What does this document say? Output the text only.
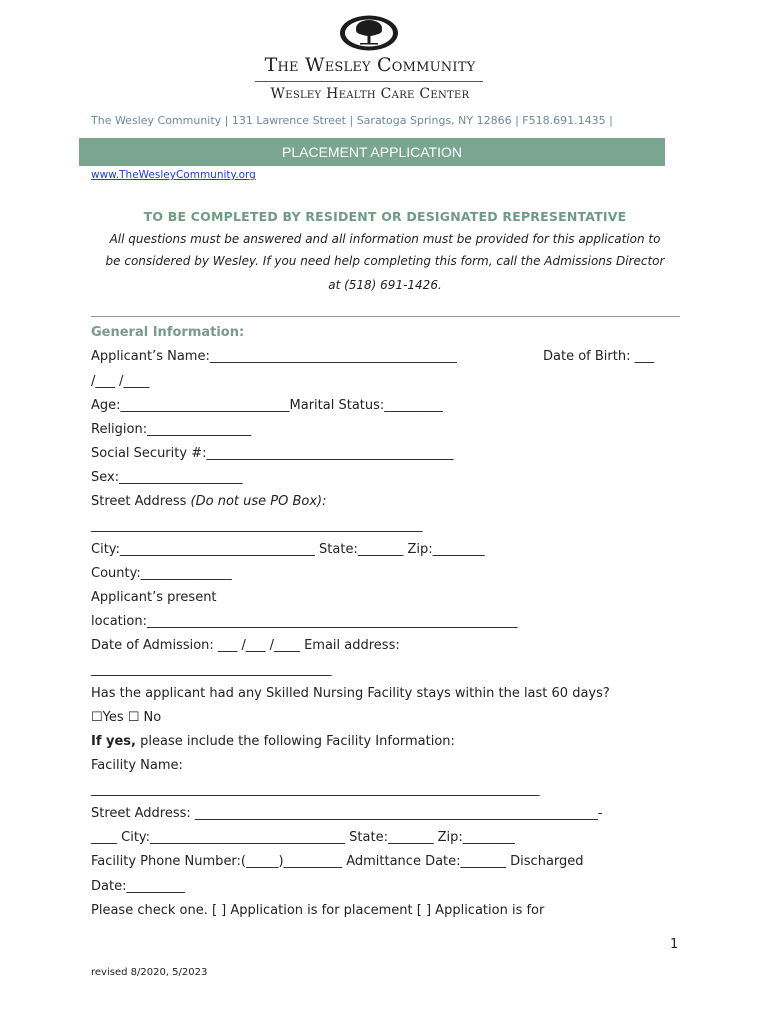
The Wesley Community
Wesley Health Care Center
The Wesley Community | 131 Lawrence Street | Saratoga Springs, NY 12866 | F518.691.1435 |
PLACEMENT APPLICATION
www.TheWesleyCommunity.org
TO BE COMPLETED BY RESIDENT OR DESIGNATED REPRESENTATIVE
All questions must be answered and all information must be provided for this application to
be considered by Wesley. If you need help completing this form, call the Admissions Director
at (518) 691-1426.
General Information:
Applicant’s Name:______________________________________	Date of Birth: ___
/___ /____
Age:__________________________Marital Status:_________
Religion:________________
Social Security #:______________________________________
Sex:___________________
Street Address (Do not use PO Box):
___________________________________________________
City:______________________________ State:_______ Zip:________
County:______________
Applicant’s present
location:_________________________________________________________
Date of Admission: ___ /___ /____ Email address:
_____________________________________
Has the applicant had any Skilled Nursing Facility stays within the last 60 days?
☐Yes ☐ No
If yes, please include the following Facility Information:
Facility Name:
_____________________________________________________________________
Street Address: ______________________________________________________________-
____ City:______________________________ State:_______ Zip:________
Facility Phone Number:(_____)_________ Admittance Date:_______ Discharged
Date:_________
Please check one. [ ] Application is for placement [ ] Application is for
1
revised 8/2020, 5/2023
